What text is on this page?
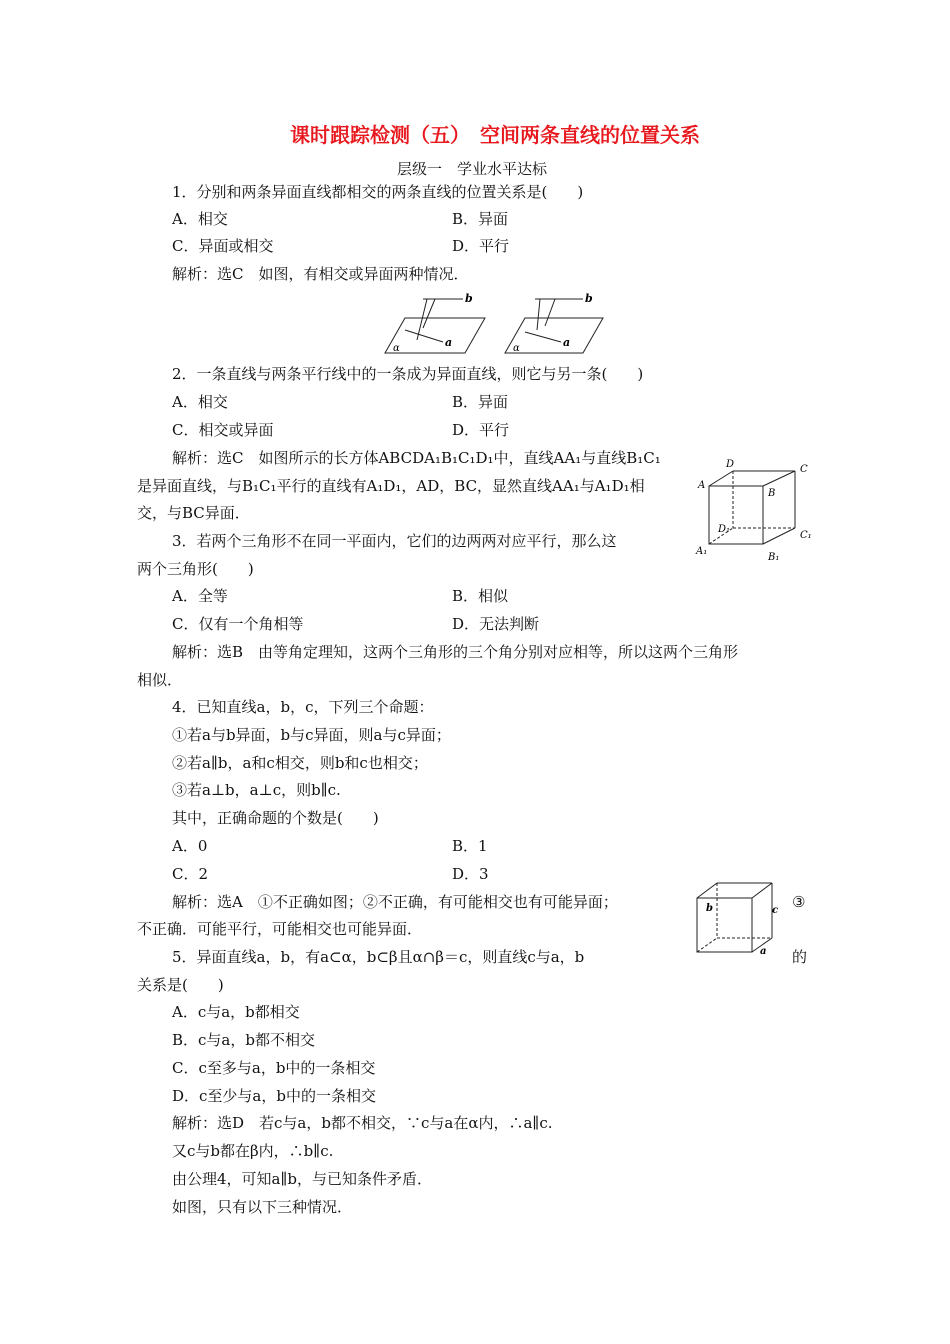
课时跟踪检测（五）　空间两条直线的位置关系
层级一　学业水平达标
1．分别和两条异面直线都相交的两条直线的位置关系是(　　)
A．相交	B．异面
C．异面或相交	D．平行
解析：选C　如图，有相交或异面两种情况．
b
a
α
b
a
α
2．一条直线与两条平行线中的一条成为异面直线，则它与另一条(　　)
A．相交	B．异面
C．相交或异面	D．平行
解析：选C　如图所示的长方体ABCDA₁B₁C₁D₁中，直线AA₁与直线B₁C₁
是异面直线，与B₁C₁平行的直线有A₁D₁，AD，BC，显然直线AA₁与A₁D₁相
交，与BC异面．
A
B
C
D
A₁
B₁
C₁
D₁
3．若两个三角形不在同一平面内，它们的边两两对应平行，那么这
两个三角形(　　)
A．全等	B．相似
C．仅有一个角相等	D．无法判断
解析：选B　由等角定理知，这两个三角形的三个角分别对应相等，所以这两个三角形
相似．
4．已知直线a，b，c，下列三个命题：
①若a与b异面，b与c异面，则a与c异面；
②若a∥b，a和c相交，则b和c也相交；
③若a⊥b，a⊥c，则b∥c.
其中，正确命题的个数是(　　)
A．0	B．1
C．2	D．3
解析：选A　①不正确如图；②不正确，有可能相交也有可能异面；	③
不正确．可能平行，可能相交也可能异面．
b	c
a
5．异面直线a，b，有a⊂α，b⊂β且α∩β＝c，则直线c与a，b	的
关系是(　　)
A．c与a，b都相交
B．c与a，b都不相交
C．c至多与a，b中的一条相交
D．c至少与a，b中的一条相交
解析：选D　若c与a，b都不相交，∵c与a在α内，∴a∥c.
又c与b都在β内，∴b∥c.
由公理4，可知a∥b，与已知条件矛盾．
如图，只有以下三种情况．
